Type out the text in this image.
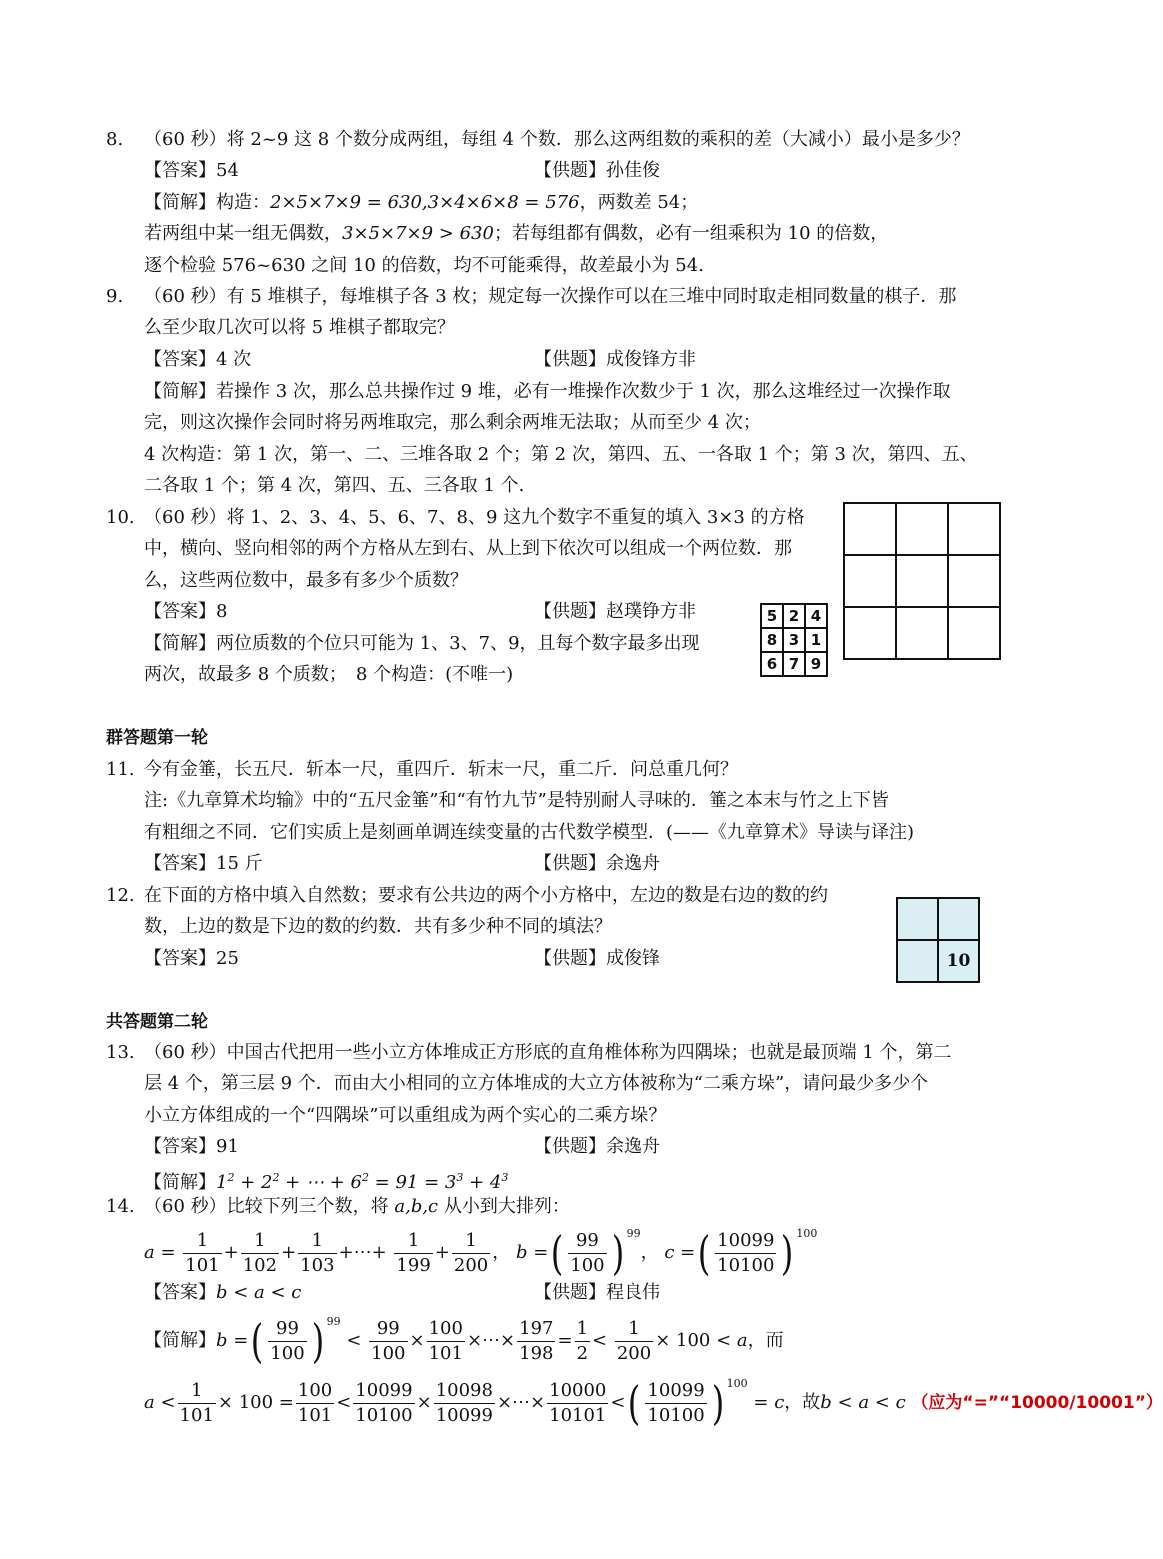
8. （60 秒）将 2~9 这 8 个数分成两组，每组 4 个数．那么这两组数的乘积的差（大减小）最小是多少？
【答案】54	【供题】孙佳俊
【简解】构造：2×5×7×9 = 630,3×4×6×8 = 576，两数差 54；
若两组中某一组无偶数，3×5×7×9 > 630；若每组都有偶数，必有一组乘积为 10 的倍数，
逐个检验 576~630 之间 10 的倍数，均不可能乘得，故差最小为 54.
9. （60 秒）有 5 堆棋子，每堆棋子各 3 枚；规定每一次操作可以在三堆中同时取走相同数量的棋子．那
么至少取几次可以将 5 堆棋子都取完？
【答案】4 次	【供题】成俊锋方非
【简解】若操作 3 次，那么总共操作过 9 堆，必有一堆操作次数少于 1 次，那么这堆经过一次操作取
完，则这次操作会同时将另两堆取完，那么剩余两堆无法取；从而至少 4 次；
4 次构造：第 1 次，第一、二、三堆各取 2 个；第 2 次，第四、五、一各取 1 个；第 3 次，第四、五、
二各取 1 个；第 4 次，第四、五、三各取 1 个.
10. （60 秒）将 1、2、3、4、5、6、7、8、9 这九个数字不重复的填入 3×3 的方格
中，横向、竖向相邻的两个方格从左到右、从上到下依次可以组成一个两位数．那
么，这些两位数中，最多有多少个质数？
【答案】8	【供题】赵璞铮方非
【简解】两位质数的个位只可能为 1、3、7、9，且每个数字最多出现
两次，故最多 8 个质数；　8 个构造：(不唯一)

5	2	4
8	3	1
6	7	9
群答题第一轮
11. 今有金箠，长五尺．斩本一尺，重四斤．斩末一尺，重二斤．问总重几何？
注:《九章算术均输》中的“五尺金箠”和“有竹九节”是特别耐人寻味的．箠之本末与竹之上下皆
有粗细之不同．它们实质上是刻画单调连续变量的古代数学模型．(——《九章算术》导读与译注)
【答案】15 斤	【供题】余逸舟
12. 在下面的方格中填入自然数；要求有公共边的两个小方格中，左边的数是右边的数的约
数，上边的数是下边的数的约数．共有多少种不同的填法？
【答案】25	【供题】成俊锋

		10
共答题第二轮
13. （60 秒）中国古代把用一些小立方体堆成正方形底的直角椎体称为四隅垛；也就是最顶端 1 个，第二
层 4 个，第三层 9 个．而由大小相同的立方体堆成的大立方体被称为“二乘方垛”，请问最少多少个
小立方体组成的一个“四隅垛”可以重组成为两个实心的二乘方垛？
【答案】91	【供题】余逸舟
【简解】$1^2 + 2^2$ + ⋯ + $6^2 = 91 = 3^3 + 4^3$
14. （60 秒）比较下列三个数，将 a,b,c 从小到大排列：
$a = \frac{1}{101} + \frac{1}{102} + \frac{1}{103}$ +⋯+ $\frac{1}{199} + \frac{1}{200}$ ， b =( $\frac{99}{100}$ ) $^{99}$， c =( $\frac{10099}{10100}$ ) $^{100}$
【答案】b < a < c	【供题】程良伟
【简解】b =( $\frac{99}{100}$ ) $^{99} < \frac{99}{100} \times \frac{100}{101}$ ×⋯× $\frac{197}{198} = \frac{1}{2} < \frac{1}{200} \times 100 < a$，而
$a < \frac{1}{101} \times 100 = \frac{100}{101} < \frac{10099}{10100} \times \frac{10098}{10099}$ ×⋯× $\frac{10000}{10101}$ <( $\frac{10099}{10100}$ ) $^{100}$ = c，故b < a < c （应为“=”“10000/10001”）
